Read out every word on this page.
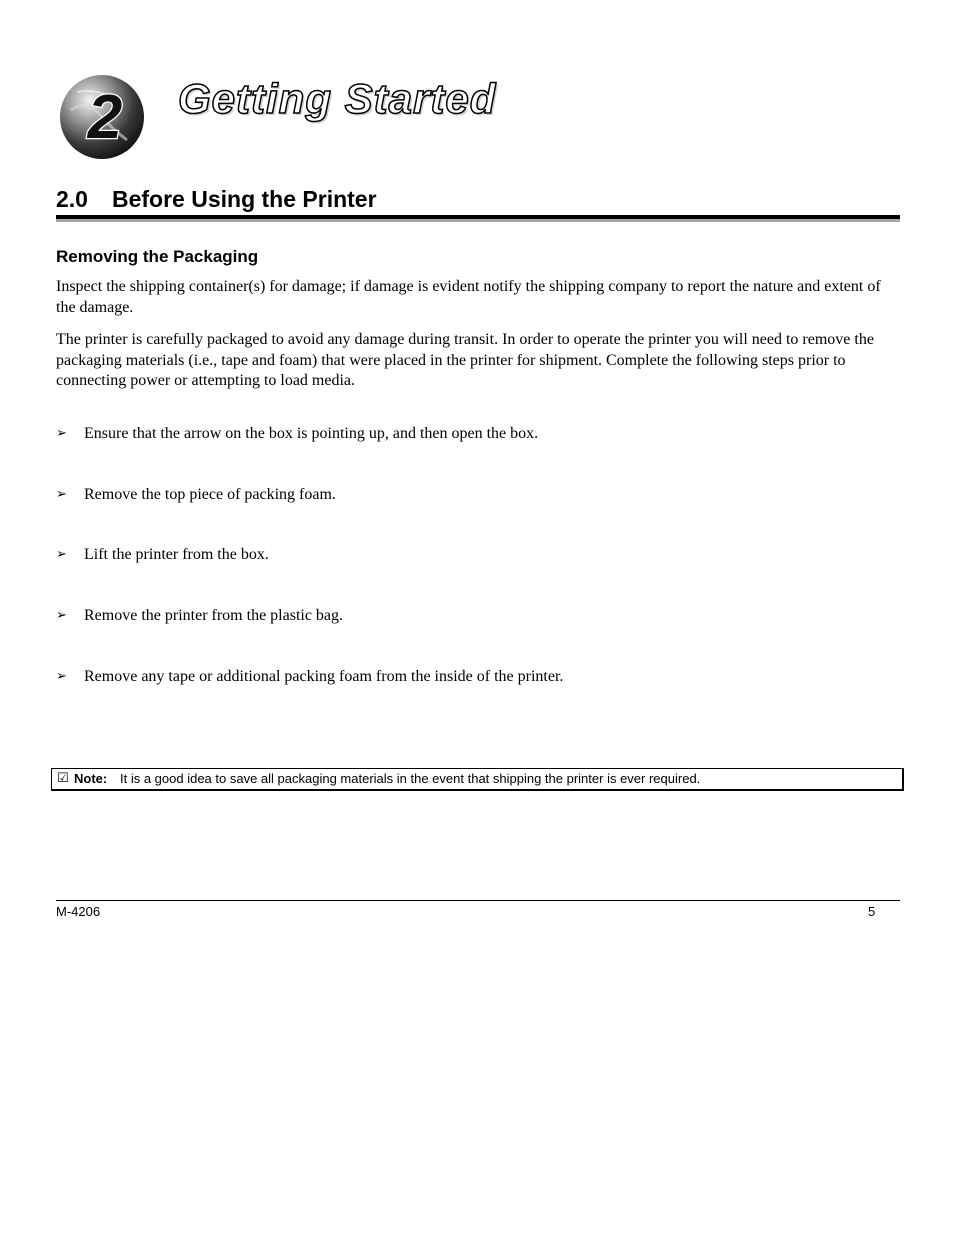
2 Getting Started
2.0 Before Using the Printer
Removing the Packaging

Inspect the shipping container(s) for damage; if damage is evident notify the shipping company to report the nature and extent of the damage.

The printer is carefully packaged to avoid any damage during transit. In order to operate the printer you will need to remove the packaging materials (i.e., tape and foam) that were placed in the printer for shipment. Complete the following steps prior to connecting power or attempting to load media.

➢ Ensure that the arrow on the box is pointing up, and then open the box.
➢ Remove the top piece of packing foam.
➢ Lift the printer from the box.
➢ Remove the printer from the plastic bag.
➢ Remove any tape or additional packing foam from the inside of the printer.
☑ Note: It is a good idea to save all packaging materials in the event that shipping the printer is ever required.
M-4206	5
